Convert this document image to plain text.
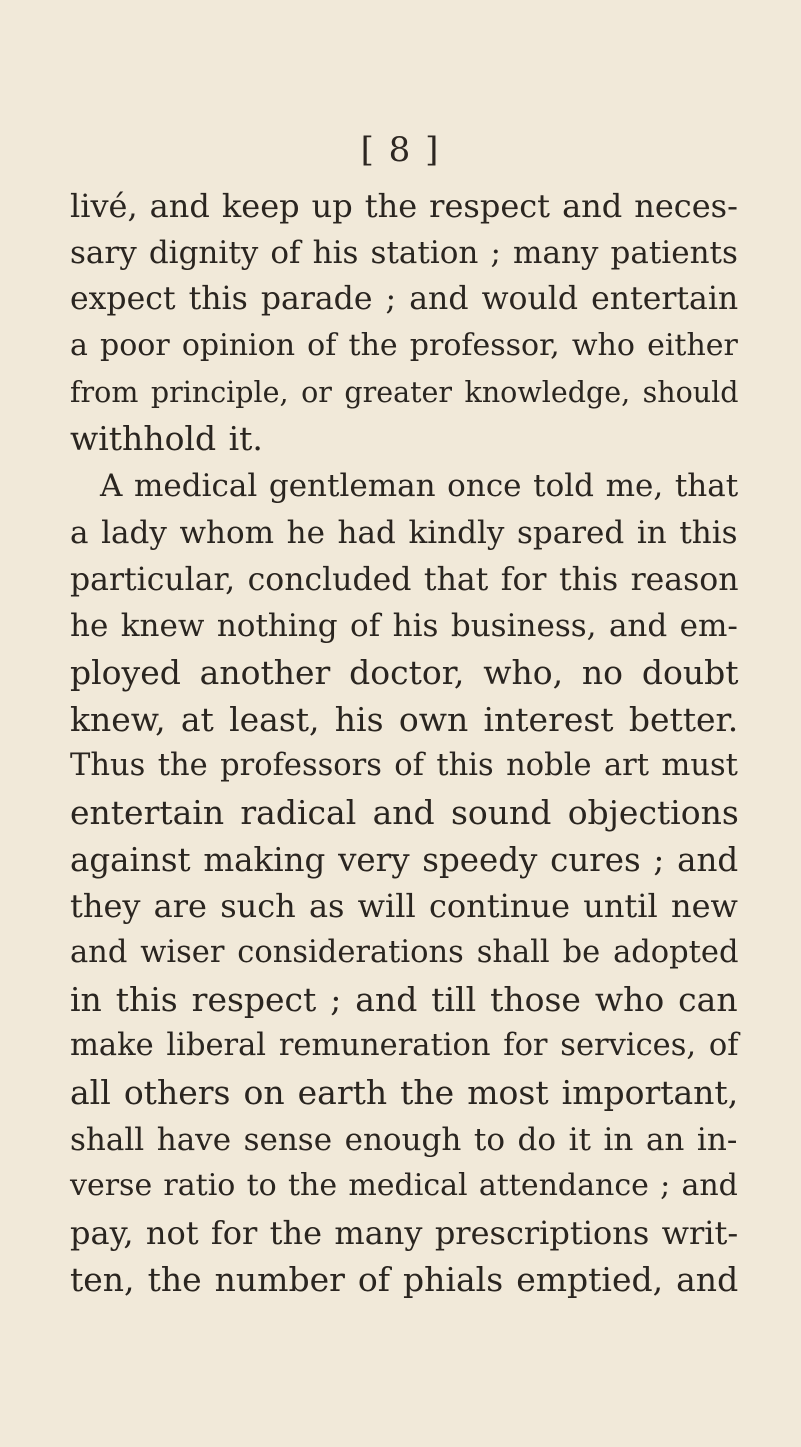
[ 8 ]
livé, and keep up the respect and neces-
sary dignity of his station ; many patients
expect this parade ; and would entertain
a poor opinion of the professor, who either
from principle, or greater knowledge, should
withhold it.
A medical gentleman once told me, that
a lady whom he had kindly spared in this
particular, concluded that for this reason
he knew nothing of his business, and em-
ployed another doctor, who, no doubt
knew, at least, his own interest better.
Thus the professors of this noble art must
entertain radical and sound objections
against making very speedy cures ; and
they are such as will continue until new
and wiser considerations shall be adopted
in this respect ; and till those who can
make liberal remuneration for services, of
all others on earth the most important,
shall have sense enough to do it in an in-
verse ratio to the medical attendance ; and
pay, not for the many prescriptions writ-
ten, the number of phials emptied, and
